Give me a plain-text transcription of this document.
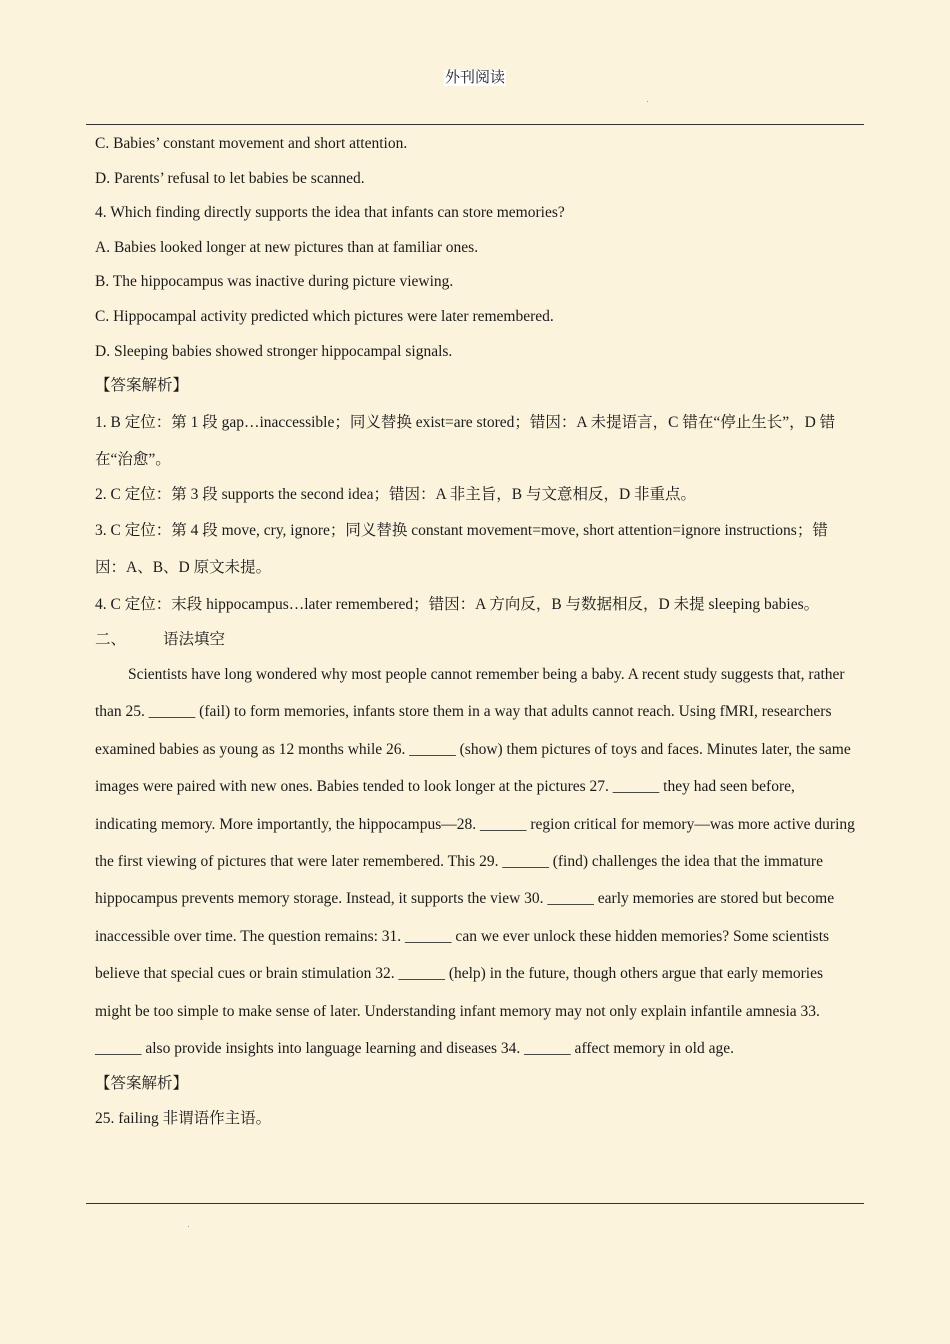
外刊阅读
C. Babies’ constant movement and short attention.
D. Parents’ refusal to let babies be scanned.
4. Which finding directly supports the idea that infants can store memories?
A. Babies looked longer at new pictures than at familiar ones.
B. The hippocampus was inactive during picture viewing.
C. Hippocampal activity predicted which pictures were later remembered.
D. Sleeping babies showed stronger hippocampal signals.
【答案解析】
1. B 定位：第 1 段 gap…inaccessible；同义替换 exist=are stored；错因：A 未提语言，C 错在“停止生长”，D 错在“治愈”。
2. C 定位：第 3 段 supports the second idea；错因：A 非主旨，B 与文意相反，D 非重点。
3. C 定位：第 4 段 move, cry, ignore；同义替换 constant movement=move, short attention=ignore instructions；错因：A、B、D 原文未提。
4. C 定位：末段 hippocampus…later remembered；错因：A 方向反，B 与数据相反，D 未提 sleeping babies。
二、 语法填空
Scientists have long wondered why most people cannot remember being a baby. A recent study suggests that, rather than 25. ______ (fail) to form memories, infants store them in a way that adults cannot reach. Using fMRI, researchers examined babies as young as 12 months while 26. ______ (show) them pictures of toys and faces. Minutes later, the same images were paired with new ones. Babies tended to look longer at the pictures 27. ______ they had seen before, indicating memory. More importantly, the hippocampus—28. ______ region critical for memory—was more active during the first viewing of pictures that were later remembered. This 29. ______ (find) challenges the idea that the immature hippocampus prevents memory storage. Instead, it supports the view 30. ______ early memories are stored but become inaccessible over time. The question remains: 31. ______ can we ever unlock these hidden memories? Some scientists believe that special cues or brain stimulation 32. ______ (help) in the future, though others argue that early memories might be too simple to make sense of later. Understanding infant memory may not only explain infantile amnesia 33. ______ also provide insights into language learning and diseases 34. ______ affect memory in old age.
【答案解析】
25. failing 非谓语作主语。
